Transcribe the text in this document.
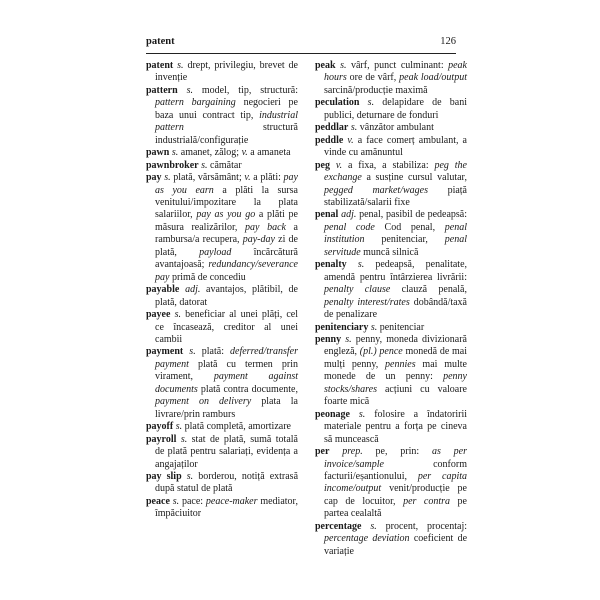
patent	126

patent s. drept, privilegiu, brevet de invenție

pattern s. model, tip, structură: pattern bargaining negocieri pe baza unui contract tip, industrial pattern structură industrială/configurație

pawn s. amanet, zălog; v. a amaneta

pawnbroker s. cămătar

pay s. plată, vărsământ; v. a plăti: pay as you earn a plăti la sursa venitului/impozitare la plata salariilor, pay as you go a plăti pe măsura realizărilor, pay back a rambursa/a recupera, pay-day zi de plată, payload încărcătură avantajoasă; redundancy/severance pay primă de concediu

payable adj. avantajos, plătibil, de plată, datorat

payee s. beneficiar al unei plăți, cel ce încasează, creditor al unei cambii

payment s. plată: deferred/transfer payment plată cu termen prin virament, payment against documents plată contra documente, payment on delivery plata la livrare/prin ramburs

payoff s. plată completă, amortizare

payroll s. stat de plată, sumă totală de plată pentru salariați, evidența a angajaților

pay slip s. borderou, notiță extrasă după statul de plată

peace s. pace: peace-maker mediator, împăciuitor

peak s. vârf, punct culminant: peak hours ore de vârf, peak load/output sarcină/producție maximă

peculation s. delapidare de bani publici, deturnare de fonduri

peddlar s. vânzător ambulant

peddle v. a face comerț ambulant, a vinde cu amănuntul

peg v. a fixa, a stabiliza: peg the exchange a susține cursul valutar, pegged market/wages piață stabilizată/salarii fixe

penal adj. penal, pasibil de pedeapsă: penal code Cod penal, penal institution penitenciar, penal servitude muncă silnică

penalty s. pedeapsă, penalitate, amendă pentru întârzierea livrării: penalty clause clauză penală, penalty interest/rates dobândă/taxă de penalizare

penitenciary s. penitenciar

penny s. penny, moneda divizionară engleză, (pl.) pence monedă de mai mulți penny, pennies mai multe monede de un penny: penny stocks/shares acțiuni cu valoare foarte mică

peonage s. folosire a îndatoririi materiale pentru a forța pe cineva să muncească

per prep. pe, prin: as per invoice/sample conform facturii/eșantionului, per capita income/output venit/producție pe cap de locuitor, per contra pe partea cealaltă

percentage s. procent, procentaj: percentage deviation coeficient de variație
